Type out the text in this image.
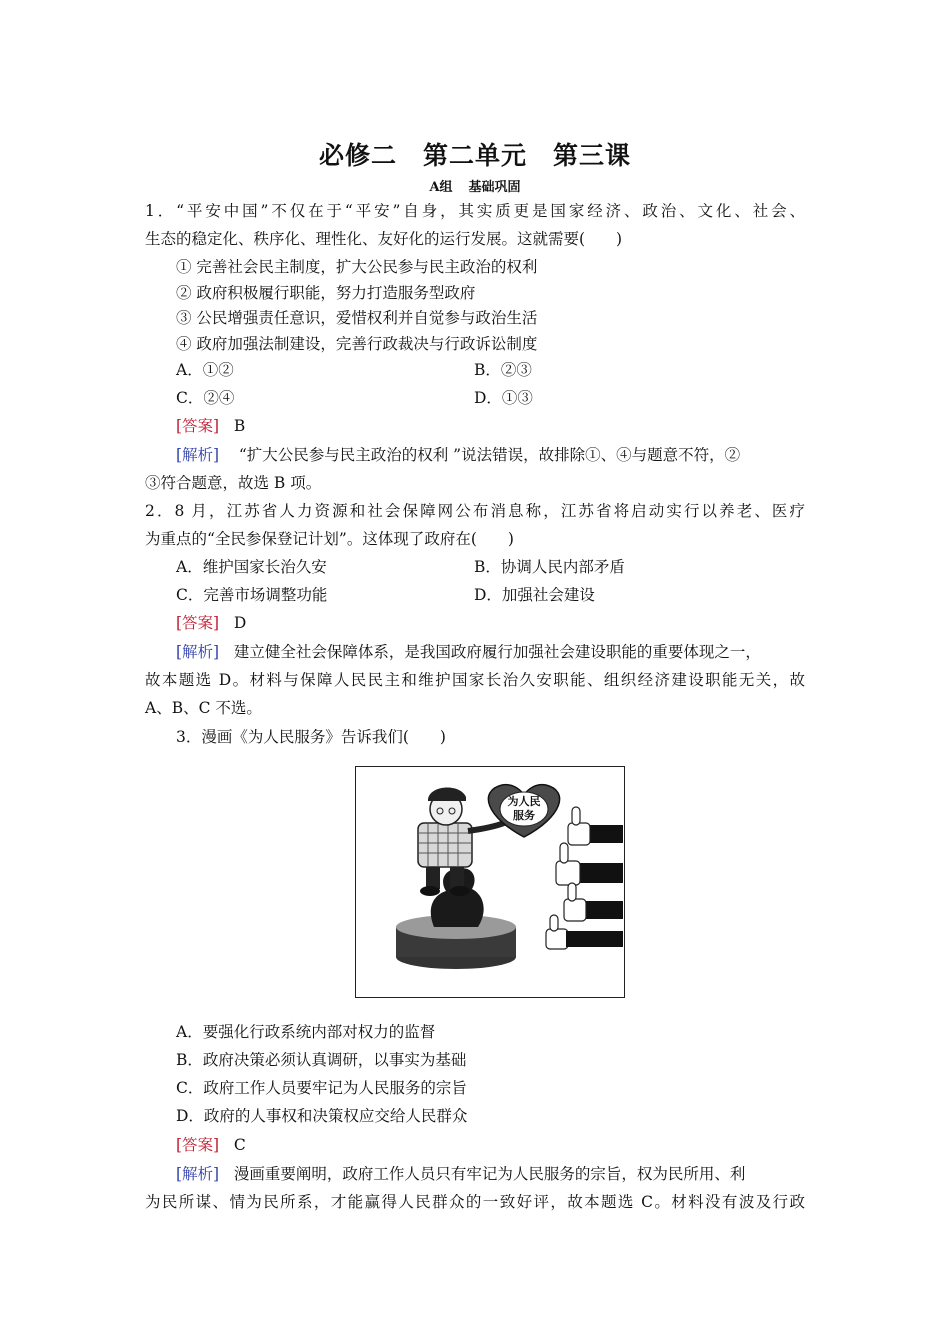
必修二 第二单元 第三课
A组 基础巩固
1．“平安中国”不仅在于“平安”自身，其实质更是国家经济、政治、文化、社会、
生态的稳定化、秩序化、理性化、友好化的运行发展。这就需要(　　)
① 完善社会民主制度，扩大公民参与民主政治的权利
② 政府积极履行职能，努力打造服务型政府
③ 公民增强责任意识，爱惜权利并自觉参与政治生活
④ 政府加强法制建设，完善行政裁决与行政诉讼制度
A．①②	B．②③
C．②④	D．①③
[答案] B
[解析] “扩大公民参与民主政治的权利 ”说法错误，故排除①、④与题意不符，②
③符合题意，故选 B 项。
2．8 月，江苏省人力资源和社会保障网公布消息称，江苏省将启动实行以养老、医疗
为重点的“全民参保登记计划”。这体现了政府在(　　)
A．维护国家长治久安	B．协调人民内部矛盾
C．完善市场调整功能	D．加强社会建设
[答案] D
[解析] 建立健全社会保障体系，是我国政府履行加强社会建设职能的重要体现之一，
故本题选 D。材料与保障人民民主和维护国家长治久安职能、组织经济建设职能无关，故
A、B、C 不选。
3．漫画《为人民服务》告诉我们(　　)
为人民
服务
A．要强化行政系统内部对权力的监督
B．政府决策必须认真调研，以事实为基础
C．政府工作人员要牢记为人民服务的宗旨
D．政府的人事权和决策权应交给人民群众
[答案] C
[解析] 漫画重要阐明，政府工作人员只有牢记为人民服务的宗旨，权为民所用、利
为民所谋、情为民所系，才能赢得人民群众的一致好评，故本题选 C。材料没有波及行政
